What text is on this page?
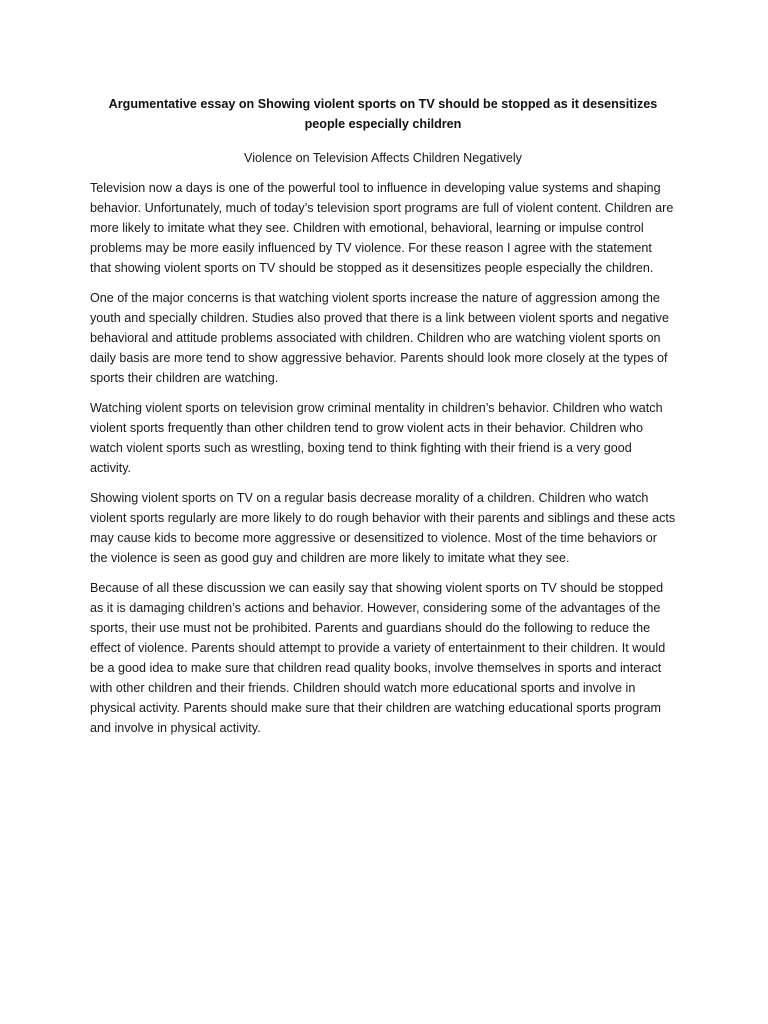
Argumentative essay on Showing violent sports on TV should be stopped as it desensitizes people especially children
Violence on Television Affects Children Negatively

Television now a days is one of the powerful tool to influence in developing value systems and shaping behavior. Unfortunately, much of today’s television sport programs are full of violent content. Children are more likely to imitate what they see. Children with emotional, behavioral, learning or impulse control problems may be more easily influenced by TV violence. For these reason I agree with the statement that showing violent sports on TV should be stopped as it desensitizes people especially the children.

One of the major concerns is that watching violent sports increase the nature of aggression among the youth and specially children. Studies also proved that there is a link between violent sports and negative behavioral and attitude problems associated with children. Children who are watching violent sports on daily basis are more tend to show aggressive behavior. Parents should look more closely at the types of sports their children are watching.

Watching violent sports on television grow criminal mentality in children’s behavior. Children who watch violent sports frequently than other children tend to grow violent acts in their behavior. Children who watch violent sports such as wrestling, boxing tend to think fighting with their friend is a very good activity.

Showing violent sports on TV on a regular basis decrease morality of a children. Children who watch violent sports regularly are more likely to do rough behavior with their parents and siblings and these acts may cause kids to become more aggressive or desensitized to violence. Most of the time behaviors or the violence is seen as good guy and children are more likely to imitate what they see.

Because of all these discussion we can easily say that showing violent sports on TV should be stopped as it is damaging children’s actions and behavior. However, considering some of the advantages of the sports, their use must not be prohibited. Parents and guardians should do the following to reduce the effect of violence. Parents should attempt to provide a variety of entertainment to their children. It would be a good idea to make sure that children read quality books, involve themselves in sports and interact with other children and their friends. Children should watch more educational sports and involve in physical activity. Parents should make sure that their children are watching educational sports program and involve in physical activity.
